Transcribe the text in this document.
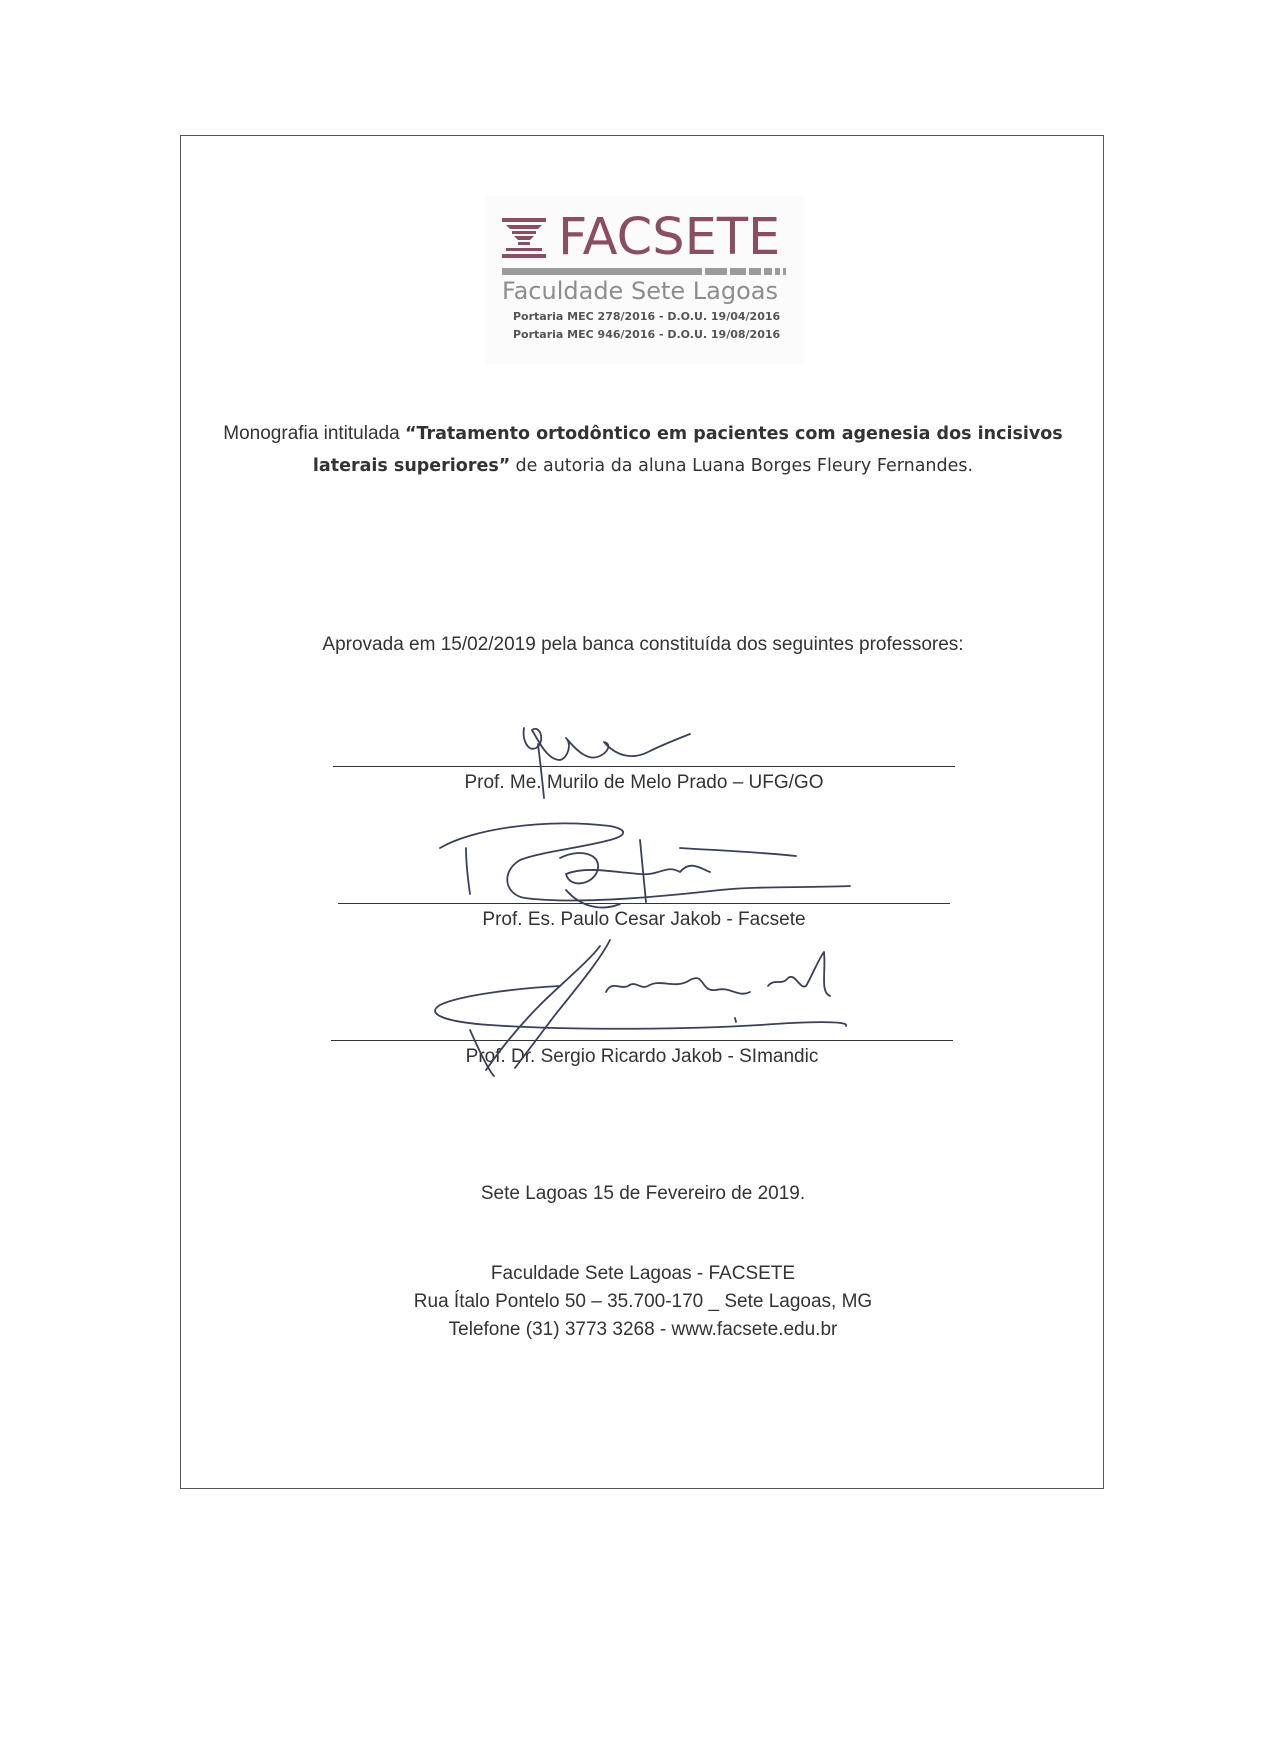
FACSETE
Faculdade Sete Lagoas
Portaria MEC 278/2016 - D.O.U. 19/04/2016
Portaria MEC 946/2016 - D.O.U. 19/08/2016
Monografia intitulada “Tratamento ortodôntico em pacientes com agenesia dos incisivos laterais superiores” de autoria da aluna Luana Borges Fleury Fernandes.
Aprovada em 15/02/2019 pela banca constituída dos seguintes professores:
Prof. Me. Murilo de Melo Prado – UFG/GO
Prof. Es. Paulo Cesar Jakob - Facsete
Prof. Dr. Sergio Ricardo Jakob - SImandic
Sete Lagoas 15 de Fevereiro de 2019.
Faculdade Sete Lagoas - FACSETE
Rua Ítalo Pontelo 50 – 35.700-170 _ Sete Lagoas, MG
Telefone (31) 3773 3268 - www.facsete.edu.br
